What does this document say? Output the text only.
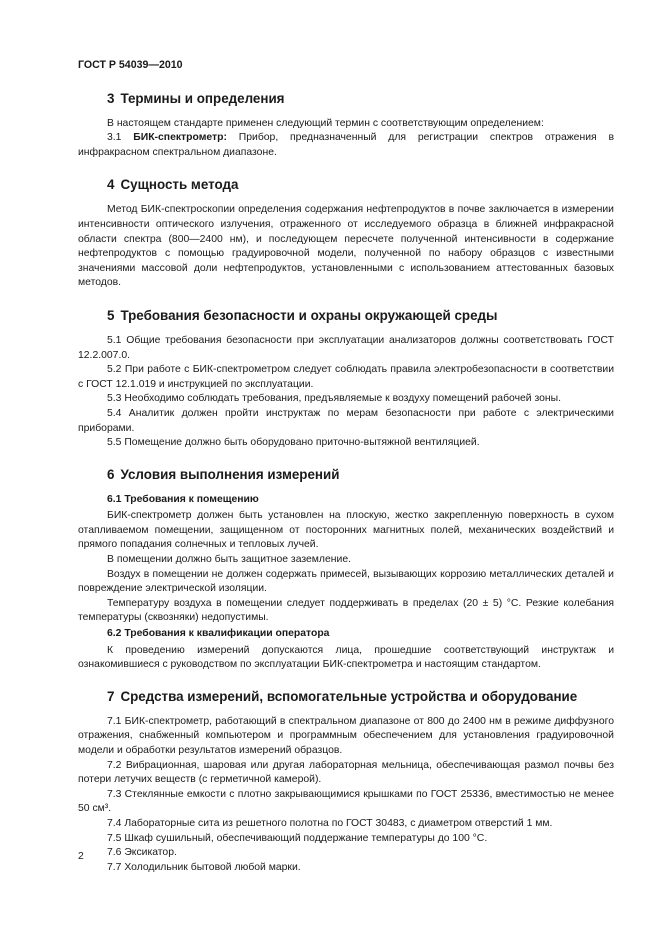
ГОСТ Р 54039—2010
3 Термины и определения

В настоящем стандарте применен следующий термин с соответствующим определением:

3.1 БИК-спектрометр: Прибор, предназначенный для регистрации спектров отражения в инфракрасном спектральном диапазоне.

4 Сущность метода

Метод БИК-спектроскопии определения содержания нефтепродуктов в почве заключается в измерении интенсивности оптического излучения, отраженного от исследуемого образца в ближней инфракрасной области спектра (800—2400 нм), и последующем пересчете полученной интенсивности в содержание нефтепродуктов с помощью градуировочной модели, полученной по набору образцов с известными значениями массовой доли нефтепродуктов, установленными с использованием аттестованных базовых методов.

5 Требования безопасности и охраны окружающей среды

5.1 Общие требования безопасности при эксплуатации анализаторов должны соответствовать ГОСТ 12.2.007.0.

5.2 При работе с БИК-спектрометром следует соблюдать правила электробезопасности в соответствии с ГОСТ 12.1.019 и инструкцией по эксплуатации.

5.3 Необходимо соблюдать требования, предъявляемые к воздуху помещений рабочей зоны.

5.4 Аналитик должен пройти инструктаж по мерам безопасности при работе с электрическими приборами.

5.5 Помещение должно быть оборудовано приточно-вытяжной вентиляцией.

6 Условия выполнения измерений
6.1 Требования к помещению

БИК-спектрометр должен быть установлен на плоскую, жестко закрепленную поверхность в сухом отапливаемом помещении, защищенном от посторонних магнитных полей, механических воздействий и прямого попадания солнечных и тепловых лучей.

В помещении должно быть защитное заземление.

Воздух в помещении не должен содержать примесей, вызывающих коррозию металлических деталей и повреждение электрической изоляции.

Температуру воздуха в помещении следует поддерживать в пределах (20 ± 5) °С. Резкие колебания температуры (сквозняки) недопустимы.

6.2 Требования к квалификации оператора

К проведению измерений допускаются лица, прошедшие соответствующий инструктаж и ознакомившиеся с руководством по эксплуатации БИК-спектрометра и настоящим стандартом.

7 Средства измерений, вспомогательные устройства и оборудование

7.1 БИК-спектрометр, работающий в спектральном диапазоне от 800 до 2400 нм в режиме диффузного отражения, снабженный компьютером и программным обеспечением для установления градуировочной модели и обработки результатов измерений образцов.

7.2 Вибрационная, шаровая или другая лабораторная мельница, обеспечивающая размол почвы без потери летучих веществ (с герметичной камерой).

7.3 Стеклянные емкости с плотно закрывающимися крышками по ГОСТ 25336, вместимостью не менее 50 см³.

7.4 Лабораторные сита из решетного полотна по ГОСТ 30483, с диаметром отверстий 1 мм.

7.5 Шкаф сушильный, обеспечивающий поддержание температуры до 100 °С.

7.6 Эксикатор.

7.7 Холодильник бытовой любой марки.

2
